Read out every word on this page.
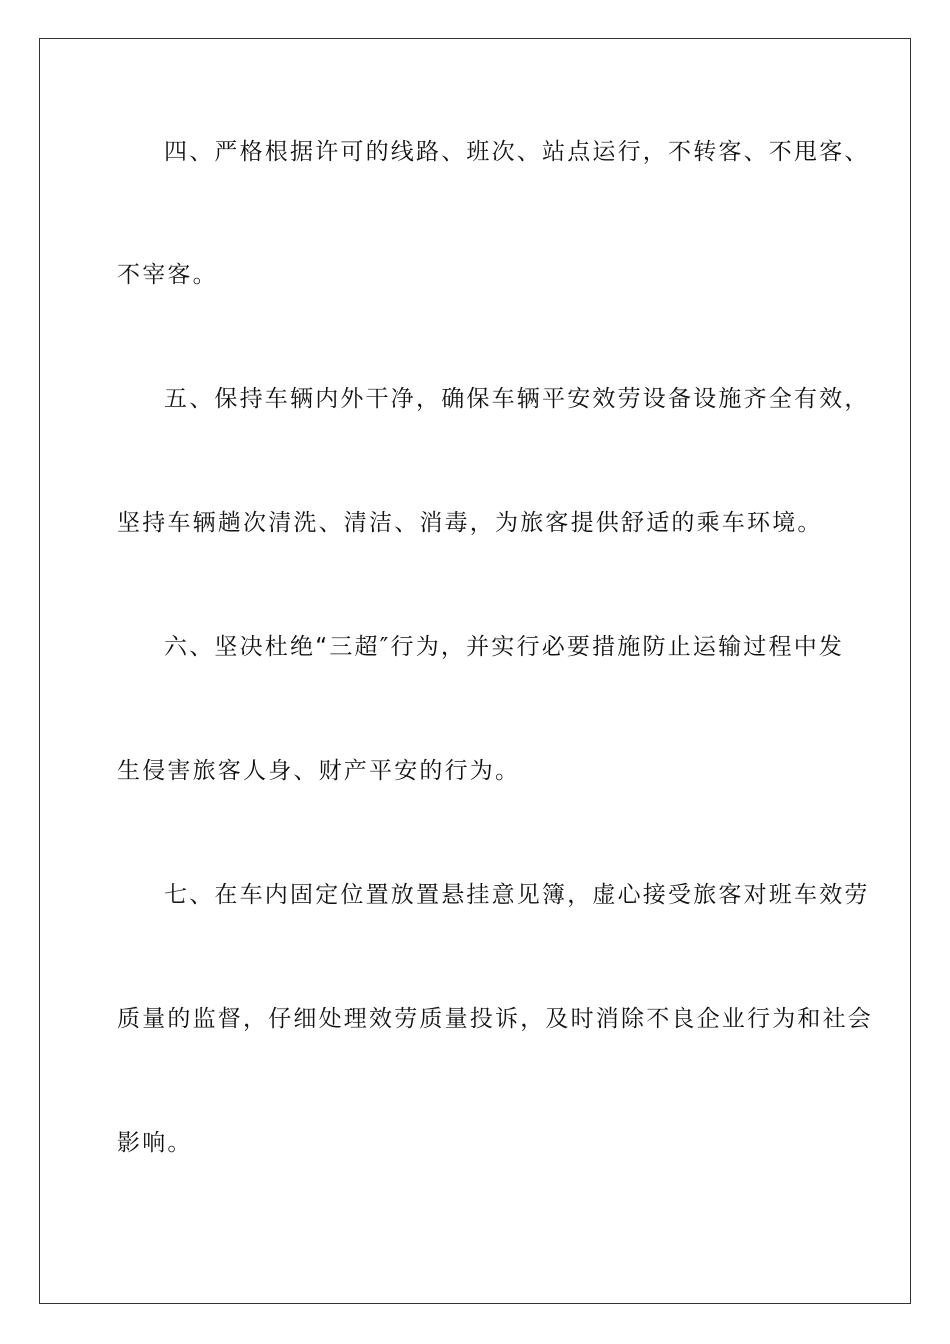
四、严格根据许可的线路、班次、站点运行，不转客、不甩客、
不宰客。
五、保持车辆内外干净，确保车辆平安效劳设备设施齐全有效，
坚持车辆趟次清洗、清洁、消毒，为旅客提供舒适的乘车环境。
六、坚决杜绝“三超″行为，并实行必要措施防止运输过程中发
生侵害旅客人身、财产平安的行为。
七、在车内固定位置放置悬挂意见簿，虚心接受旅客对班车效劳
质量的监督，仔细处理效劳质量投诉，及时消除不良企业行为和社会
影响。
